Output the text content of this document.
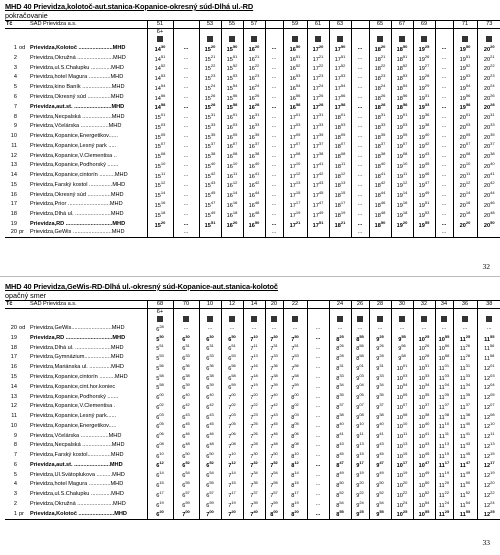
MHD 40 Prievidza,kolotoč-aut.stanica-Kopanice-okresný súd-Dlhá ul.-RD
pokračovanie
Tč		SAD Prievidza a.s.	51		53	55	57		59	61	63		65	67	69		71	73
			6+															

1	od	Prievidza,Kolotoč ......................MHD	$14^{30}$	...	$15^{20}$	$15^{50}$	$16^{20}$	...	$16^{50}$	$17^{20}$	$17^{50}$	...	$18^{20}$	$18^{50}$	$19^{25}$	...	$19^{50}$	$20^{20}$
2		Prievidza,Okružná .......................MHD	$14^{51}$	...	$15^{21}$	$15^{51}$	$16^{21}$	...	$16^{51}$	$17^{21}$	$17^{51}$	...	$18^{21}$	$18^{51}$	$19^{26}$	...	$19^{51}$	$20^{21}$
3		Prievidza,ul.S.Chalupku .............MHD	$14^{52}$	...	$15^{22}$	$15^{52}$	$16^{22}$	...	$16^{52}$	$17^{22}$	$17^{52}$	...	$18^{22}$	$18^{52}$	$19^{27}$	...	$19^{52}$	$20^{22}$
4		Prievidza,hotel Magura ..............MHD	$14^{53}$	...	$15^{23}$	$15^{53}$	$16^{23}$	...	$16^{53}$	$17^{23}$	$17^{53}$	...	$18^{23}$	$18^{53}$	$19^{28}$	...	$19^{53}$	$20^{23}$
5		Prievidza,kino Baník ...................MHD	$14^{54}$	...	$15^{24}$	$15^{54}$	$16^{24}$	...	$16^{54}$	$17^{24}$	$17^{54}$	...	$18^{24}$	$18^{54}$	$19^{29}$	...	$19^{54}$	$20^{24}$
6		Prievidza,Okresný súd ...............MHD	$14^{56}$	...	$15^{26}$	$15^{56}$	$16^{26}$	...	$16^{56}$	$17^{26}$	$17^{56}$	...	$18^{26}$	$18^{56}$	$19^{31}$	...	$19^{56}$	$20^{26}$
7		Prievidza,aut.st. ........................MHD	$14^{58}$	...	$15^{28}$	$15^{58}$	$16^{28}$	...	$16^{58}$	$17^{28}$	$17^{58}$	...	$18^{28}$	$18^{58}$	$19^{33}$	...	$19^{58}$	$20^{28}$
8		Prievidza,Necpalská ...................MHD	$15^{01}$	...	$15^{31}$	$16^{01}$	$16^{31}$	...	$17^{01}$	$17^{31}$	$18^{01}$	...	$18^{31}$	$19^{01}$	$19^{36}$	...	$20^{01}$	$20^{31}$
9		Prievidza,Včelárska ..................MHD	$15^{03}$	...	$15^{33}$	$16^{03}$	$16^{33}$	...	$17^{03}$	$17^{33}$	$18^{03}$	...	$18^{33}$	$19^{03}$	$19^{38}$	...	$20^{03}$	$20^{33}$
10		Prievidza,Kopanice,Energetikov......	$15^{05}$	...	$15^{35}$	$16^{05}$	$16^{35}$	...	$17^{05}$	$17^{35}$	$18^{05}$	...	$18^{35}$	$19^{05}$	$19^{40}$	...	$20^{05}$	$20^{35}$
11		Prievidza,Kopanice,Lesný park .....	$15^{07}$	...	$15^{37}$	$16^{07}$	$16^{37}$	...	$17^{07}$	$17^{37}$	$18^{07}$	...	$18^{37}$	$19^{07}$	$19^{42}$	...	$20^{07}$	$20^{37}$
12		Prievidza,Kopanice,V.Clementisa ..	$15^{08}$	...	$15^{38}$	$16^{08}$	$16^{38}$	...	$17^{08}$	$17^{38}$	$18^{08}$	...	$18^{38}$	$19^{08}$	$19^{43}$	...	$20^{08}$	$20^{38}$
13		Prievidza,Kopanice,Podhorský .......	$15^{10}$	...	$15^{40}$	$16^{10}$	$16^{40}$	...	$17^{10}$	$17^{41}$	$18^{11}$	...	$18^{40}$	$19^{10}$	$19^{45}$	...	$20^{10}$	$20^{40}$
14		Prievidza,Kopanice,cintorín ..........MHD	$15^{11}$	...	$15^{42}$	$16^{11}$	$16^{41}$	...	$17^{12}$	$17^{42}$	$18^{12}$	...	$18^{41}$	$19^{11}$	$19^{46}$	...	$20^{11}$	$20^{41}$
15		Prievidza,Farský kostol ...............MHD	$15^{12}$	...	$15^{43}$	$16^{12}$	$16^{42}$	...	$17^{13}$	$17^{43}$	$18^{13}$	...	$18^{42}$	$19^{12}$	$19^{47}$	...	$20^{12}$	$20^{42}$
16		Prievidza,Okresný súd ...............MHD	$15^{14}$	...	$15^{45}$	$16^{14}$	$16^{44}$	...	$17^{15}$	$17^{45}$	$18^{15}$	...	$18^{44}$	$19^{14}$	$19^{49}$	...	$20^{14}$	$20^{44}$
17		Prievidza,Prior ...........................MHD	$15^{16}$	...	$15^{47}$	$16^{16}$	$16^{46}$	...	$17^{17}$	$17^{47}$	$18^{17}$	...	$18^{46}$	$19^{16}$	$19^{51}$	...	$20^{16}$	$20^{46}$
18		Prievidza,Dlhá ul. .......................MHD	$15^{18}$	...	$15^{49}$	$16^{18}$	$16^{48}$	...	$17^{19}$	$17^{49}$	$18^{19}$	...	$18^{48}$	$19^{18}$	$19^{53}$	...	$20^{18}$	$20^{48}$
19		Prievidza,RD ..............................MHD	$15^{20}$	...	$15^{51}$	$16^{20}$	$16^{50}$	...	$17^{21}$	$17^{51}$	$18^{21}$	...	$18^{50}$	$19^{20}$	$19^{55}$	...	$20^{20}$	$20^{50}$
20	pr	Prievidza,GeWis .........................MHD		...				...				...				...		
32
MHD 40 Prievidza,GeWis-RD-Dlhá ul.-okresný súd-Kopanice-aut.stanica-kolotoč
opačný smer
Tč		SAD Prievidza a.s.	68	70	10	12	14	20	22		24	26	28	30	32	34	36	38
			6+															

20	od	Prievidza,GeWis..........................MHD	$6^{28}$	...	...	...	...	...	...	...	...	...	...	...	...	...	...	...
19		Prievidza,RD ..............................MHD	$5^{50}$	$6^{30}$	$6^{30}$	$6^{50}$	$7^{10}$	$7^{30}$	$7^{50}$	...	$8^{25}$	$8^{55}$	$9^{25}$	$9^{55}$	$10^{25}$	$10^{55}$	$11^{25}$	$11^{55}$
18		Prievidza,Dlhá ul. .......................MHD	$5^{51}$	$6^{31}$	$6^{31}$	$6^{51}$	$7^{11}$	$7^{31}$	$7^{51}$	...	$8^{26}$	$8^{56}$	$9^{26}$	$9^{56}$	$10^{26}$	$10^{56}$	$11^{26}$	$11^{56}$
17		Prievidza,Gymnázium.................MHD	$5^{53}$	$6^{33}$	$6^{33}$	$6^{53}$	$7^{13}$	$7^{33}$	$7^{53}$	...	$8^{28}$	$8^{58}$	$9^{28}$	$9^{58}$	$10^{28}$	$10^{58}$	$11^{28}$	$11^{58}$
16		Prievidza,Mariánska ul. ..............MHD	$5^{56}$	$6^{36}$	$6^{36}$	$6^{56}$	$7^{16}$	$7^{36}$	$7^{56}$	...	$8^{31}$	$9^{01}$	$9^{31}$	$10^{01}$	$10^{31}$	$11^{01}$	$11^{31}$	$12^{01}$
15		Prievidza,Kopanice,cintorín ..........MHD	$5^{58}$	$6^{38}$	$6^{38}$	$6^{58}$	$7^{18}$	$7^{38}$	$7^{58}$	...	$8^{33}$	$9^{03}$	$9^{33}$	$10^{03}$	$10^{33}$	$11^{03}$	$11^{33}$	$12^{03}$
14		Prievidza,Kopanice,cint.hor.koniec	$5^{58}$	$6^{39}$	$6^{39}$	$6^{59}$	$7^{19}$	$7^{39}$	$7^{59}$	...	$8^{34}$	$9^{04}$	$9^{34}$	$10^{04}$	$10^{34}$	$11^{04}$	$11^{34}$	$12^{04}$
13		Prievidza,Kopanice,Podhorský .......	$6^{00}$	$6^{40}$	$6^{40}$	$7^{00}$	$7^{20}$	$7^{40}$	$8^{00}$	...	$8^{35}$	$9^{05}$	$9^{35}$	$10^{05}$	$10^{35}$	$11^{05}$	$11^{35}$	$12^{05}$
12		Prievidza,Kopanice,V.Clementisa .	$6^{02}$	$6^{42}$	$6^{42}$	$7^{02}$	$7^{22}$	$7^{42}$	$8^{02}$	...	$8^{37}$	$9^{07}$	$9^{37}$	$10^{07}$	$10^{37}$	$11^{07}$	$11^{37}$	$12^{07}$
11		Prievidza,Kopanice,Lesný park......	$6^{03}$	$6^{43}$	$6^{43}$	$7^{03}$	$7^{23}$	$7^{43}$	$8^{03}$	...	$8^{38}$	$9^{08}$	$9^{38}$	$10^{08}$	$10^{38}$	$11^{08}$	$11^{38}$	$12^{08}$
10		Prievidza,Kopanice,Energetikov.....	$6^{05}$	$6^{45}$	$6^{45}$	$7^{05}$	$7^{25}$	$7^{45}$	$8^{05}$	...	$8^{40}$	$9^{10}$	$9^{40}$	$10^{10}$	$10^{40}$	$11^{10}$	$11^{40}$	$12^{10}$
9		Prievidza,Včelárska ..................MHD	$6^{06}$	$6^{46}$	$6^{46}$	$7^{06}$	$7^{26}$	$7^{46}$	$8^{06}$	...	$8^{41}$	$9^{11}$	$9^{41}$	$10^{11}$	$10^{41}$	$11^{11}$	$11^{41}$	$12^{11}$
8		Prievidza,Necpalská ...................MHD	$6^{08}$	$6^{48}$	$6^{48}$	$7^{08}$	$7^{28}$	$7^{48}$	$8^{08}$	...	$8^{43}$	$9^{13}$	$9^{43}$	$10^{13}$	$10^{43}$	$11^{13}$	$11^{43}$	$12^{13}$
7		Prievidza,Farský kostol...............MHD	$6^{10}$	$6^{50}$	$6^{50}$	$7^{10}$	$7^{30}$	$7^{50}$	$8^{10}$	...	$8^{45}$	$9^{15}$	$9^{45}$	$10^{15}$	$10^{45}$	$11^{15}$	$11^{45}$	$12^{15}$
6		Prievidza,aut.st. .......................MHD	$6^{12}$	$6^{52}$	$6^{52}$	$7^{12}$	$7^{32}$	$7^{52}$	$8^{12}$	...	$8^{47}$	$9^{17}$	$9^{47}$	$10^{17}$	$10^{47}$	$11^{17}$	$11^{47}$	$12^{17}$
5		Prievidza,Ul.Svätoplukova ..........MHD	$6^{14}$	$6^{54}$	$6^{54}$	$7^{14}$	$7^{34}$	$7^{54}$	$8^{14}$	...	$8^{49}$	$9^{19}$	$9^{49}$	$10^{19}$	$10^{49}$	$11^{19}$	$11^{49}$	$12^{19}$
4		Prievidza,hotel Magura ..............MHD	$6^{15}$	$6^{55}$	$6^{55}$	$7^{15}$	$7^{35}$	$7^{55}$	$8^{15}$	...	$8^{50}$	$9^{20}$	$9^{50}$	$10^{20}$	$10^{50}$	$11^{20}$	$11^{50}$	$12^{20}$
3		Prievidza,ul.S.Chalupku .............MHD	$6^{17}$	$6^{57}$	$6^{57}$	$7^{17}$	$7^{37}$	$7^{57}$	$8^{17}$	...	$8^{52}$	$9^{22}$	$9^{52}$	$10^{22}$	$10^{52}$	$11^{22}$	$11^{52}$	$12^{22}$
2		Prievidza,Okružná .......................MHD	$6^{19}$	$6^{59}$	$6^{59}$	$7^{19}$	$7^{39}$	$7^{59}$	$8^{19}$	...	$8^{54}$	$9^{24}$	$9^{54}$	$10^{24}$	$10^{54}$	$11^{24}$	$11^{54}$	$12^{24}$
1	pr	Prievidza,Kolotoč .......................MHD	$6^{20}$	$7^{00}$	$7^{00}$	$7^{20}$	$7^{40}$	$8^{00}$	$8^{20}$	...	$8^{55}$	$9^{25}$	$9^{55}$	$10^{25}$	$10^{55}$	$11^{25}$	$11^{55}$	$12^{25}$
33
